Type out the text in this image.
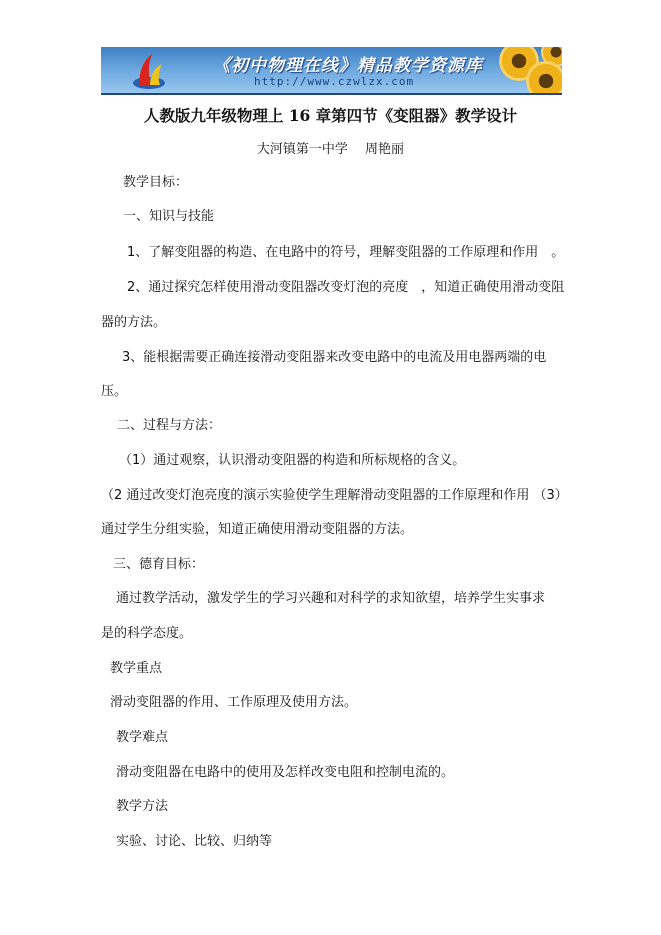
《初中物理在线》精品教学资源库
http://www.czwlzx.com
人教版九年级物理上 16 章第四节《变阻器》教学设计
大河镇第一中学　 周艳丽
教学目标：
一、知识与技能
1、了解变阻器的构造、在电路中的符号，理解变阻器的工作原理和作用　。
2、通过探究怎样使用滑动变阻器改变灯泡的亮度　，知道正确使用滑动变阻
器的方法。
3、能根据需要正确连接滑动变阻器来改变电路中的电流及用电器两端的电
压。
二、过程与方法：
（1）通过观察，认识滑动变阻器的构造和所标规格的含义。
（2 通过改变灯泡亮度的演示实验使学生理解滑动变阻器的工作原理和作用 （3）
通过学生分组实验，知道正确使用滑动变阻器的方法。
三、德育目标：
通过教学活动，激发学生的学习兴趣和对科学的求知欲望，培养学生实事求
是的科学态度。
教学重点
滑动变阻器的作用、工作原理及使用方法。
教学难点
滑动变阻器在电路中的使用及怎样改变电阻和控制电流的。
教学方法
实验、讨论、比较、归纳等
